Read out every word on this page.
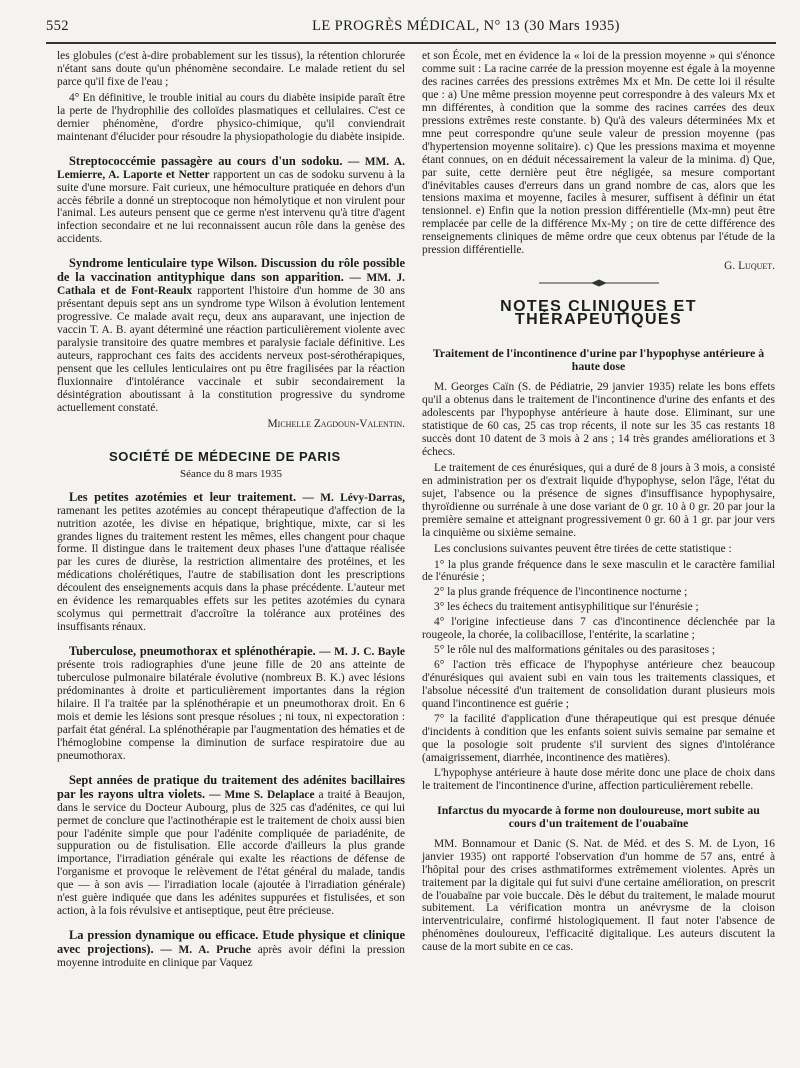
552	LE PROGRÈS MÉDICAL, N° 13 (30 Mars 1935)

les globules (c'est à-dire probablement sur les tissus), la rétention chlorurée n'étant sans doute qu'un phénomène secondaire. Le malade retient du sel parce qu'il fixe de l'eau ;

4° En définitive, le trouble initial au cours du diabète insipide paraît être la perte de l'hydrophilie des colloïdes plasmatiques et cellulaires. C'est ce dernier phénomène, d'ordre physico-chimique, qu'il conviendrait maintenant d'élucider pour résoudre la physiopathologie du diabète insipide.

Streptococcémie passagère au cours d'un sodoku. — MM. A. Lemierre, A. Laporte et Netter rapportent un cas de sodoku survenu à la suite d'une morsure. Fait curieux, une hémoculture pratiquée en dehors d'un accès fébrile a donné un streptocoque non hémolytique et non virulent pour l'animal. Les auteurs pensent que ce germe n'est intervenu qu'à titre d'agent infection secondaire et ne lui reconnaissent aucun rôle dans la genèse des accidents.

Syndrome lenticulaire type Wilson. Discussion du rôle possible de la vaccination antityphique dans son apparition. — MM. J. Cathala et de Font-Reaulx rapportent l'histoire d'un homme de 30 ans présentant depuis sept ans un syndrome type Wilson à évolution lentement progressive. Ce malade avait reçu, deux ans auparavant, une injection de vaccin T. A. B. ayant déterminé une réaction particulièrement violente avec paralysie transitoire des quatre membres et paralysie faciale définitive. Les auteurs, rapprochant ces faits des accidents nerveux post-sérothérapiques, pensent que les cellules lenticulaires ont pu être fragilisées par la réaction fluxionnaire d'intolérance vaccinale et subir secondairement la désintégration aboutissant à la constitution progressive du syndrome actuellement constaté.

Michelle Zagdoun-Valentin.

SOCIÉTÉ DE MÉDECINE DE PARIS
Séance du 8 mars 1935

Les petites azotémies et leur traitement. — M. Lévy-Darras, ramenant les petites azotémies au concept thérapeutique d'affection de la nutrition azotée, les divise en hépatique, brightique, mixte, car si les grandes lignes du traitement restent les mêmes, elles changent pour chaque forme. Il distingue dans le traitement deux phases l'une d'attaque réalisée par les cures de diurèse, la restriction alimentaire des protéines, et les médications cholérétiques, l'autre de stabilisation dont les prescriptions découlent des enseignements acquis dans la phase précédente. L'auteur met en évidence les remarquables effets sur les petites azotémies du cynara scolymus qui permettrait d'accroître la tolérance aux protéines des insuffisants rénaux.

Tuberculose, pneumothorax et splénothérapie. — M. J. C. Bayle présente trois radiographies d'une jeune fille de 20 ans atteinte de tuberculose pulmonaire bilatérale évolutive (nombreux B. K.) avec lésions prédominantes à droite et particulièrement importantes dans la région hilaire. Il l'a traitée par la splénothérapie et un pneumothorax droit. En 6 mois et demie les lésions sont presque résolues ; ni toux, ni expectoration : parfait état général. La splénothérapie par l'augmentation des hématies et de l'hémoglobine compense la diminution de surface respiratoire due au pneumothorax.

Sept années de pratique du traitement des adénites bacillaires par les rayons ultra violets. — Mme S. Delaplace a traité à Beaujon, dans le service du Docteur Aubourg, plus de 325 cas d'adénites, ce qui lui permet de conclure que l'actinothérapie est le traitement de choix aussi bien pour l'adénite simple que pour l'adénite compliquée de pariadénite, de suppuration ou de fistulisation. Elle accorde d'ailleurs la plus grande importance, l'irradiation générale qui exalte les réactions de défense de l'organisme et provoque le relèvement de l'état général du malade, tandis que — à son avis — l'irradiation locale (ajoutée à l'irradiation générale) n'est guère indiquée que dans les adénites suppurées et fistulisées, et son action, à la fois révulsive et antiseptique, peut être précieuse.

La pression dynamique ou efficace. Etude physique et clinique avec projections). — M. A. Pruche après avoir défini la pression moyenne introduite en clinique par Vaquez

et son École, met en évidence la « loi de la pression moyenne » qui s'énonce comme suit : La racine carrée de la pression moyenne est égale à la moyenne des racines carrées des pressions extrêmes Mx et Mn. De cette loi il résulte que : a) Une même pression moyenne peut correspondre à des valeurs Mx et mn différentes, à condition que la somme des racines carrées des deux pressions extrêmes reste constante. b) Qu'à des valeurs déterminées Mx et mne peut correspondre qu'une seule valeur de pression moyenne (pas d'hypertension moyenne solitaire). c) Que les pressions maxima et moyenne étant connues, on en déduit nécessairement la valeur de la minima. d) Que, par suite, cette dernière peut être négligée, sa mesure comportant d'inévitables causes d'erreurs dans un grand nombre de cas, alors que les tensions maxima et moyenne, faciles à mesurer, suffisent à définir un état tensionnel. e) Enfin que la notion pression différentielle (Mx-mn) peut être remplacée par celle de la différence Mx-My ; on tire de cette différence des renseignements cliniques de même ordre que ceux obtenus par l'étude de la pression différentielle.

G. Luquet.

NOTES CLINIQUES ET THÉRAPEUTIQUES
Traitement de l'incontinence d'urine par l'hypophyse antérieure à haute dose

M. Georges Caïn (S. de Pédiatrie, 29 janvier 1935) relate les bons effets qu'il a obtenus dans le traitement de l'incontinence d'urine des enfants et des adolescents par l'hypophyse antérieure à haute dose. Eliminant, sur une statistique de 60 cas, 25 cas trop récents, il note sur les 35 cas restants 18 succès dont 10 datent de 3 mois à 2 ans ; 14 très grandes améliorations et 3 échecs.

Le traitement de ces énurésiques, qui a duré de 8 jours à 3 mois, a consisté en administration per os d'extrait liquide d'hypophyse, selon l'âge, l'état du sujet, l'absence ou la présence de signes d'insuffisance hypophysaire, thyroïdienne ou surrénale à une dose variant de 0 gr. 10 à 0 gr. 20 par jour la première semaine et atteignant progressivement 0 gr. 60 à 1 gr. par jour vers la cinquième ou sixième semaine.

Les conclusions suivantes peuvent être tirées de cette statistique :

1° la plus grande fréquence dans le sexe masculin et le caractère familial de l'énurésie ;

2° la plus grande fréquence de l'incontinence nocturne ;

3° les échecs du traitement antisyphilitique sur l'énurésie ;

4° l'origine infectieuse dans 7 cas d'incontinence déclenchée par la rougeole, la chorée, la colibacillose, l'entérite, la scarlatine ;

5° le rôle nul des malformations génitales ou des parasitoses ;

6° l'action très efficace de l'hypophyse antérieure chez beaucoup d'énurésiques qui avaient subi en vain tous les traitements classiques, et l'absolue nécessité d'un traitement de consolidation durant plusieurs mois quand l'incontinence est guérie ;

7° la facilité d'application d'une thérapeutique qui est presque dénuée d'incidents à condition que les enfants soient suivis semaine par semaine et que la posologie soit prudente s'il survient des signes d'intolérance (amaigrissement, diarrhée, incontinence des matières).

L'hypophyse antérieure à haute dose mérite donc une place de choix dans le traitement de l'incontinence d'urine, affection particulièrement rebelle.

Infarctus du myocarde à forme non douloureuse, mort subite au cours d'un traitement de l'ouabaïne

MM. Bonnamour et Danic (S. Nat. de Méd. et des S. M. de Lyon, 16 janvier 1935) ont rapporté l'observation d'un homme de 57 ans, entré à l'hôpital pour des crises asthmatiformes extrêmement violentes. Après un traitement par la digitale qui fut suivi d'une certaine amélioration, on prescrit de l'ouabaïne par voie buccale. Dès le début du traitement, le malade mourut subitement. La vérification montra un anévrysme de la cloison interventriculaire, confirmé histologiquement. Il faut noter l'absence de phénomènes douloureux, l'efficacité digitalique. Les auteurs discutent la cause de la mort subite en ce cas.
